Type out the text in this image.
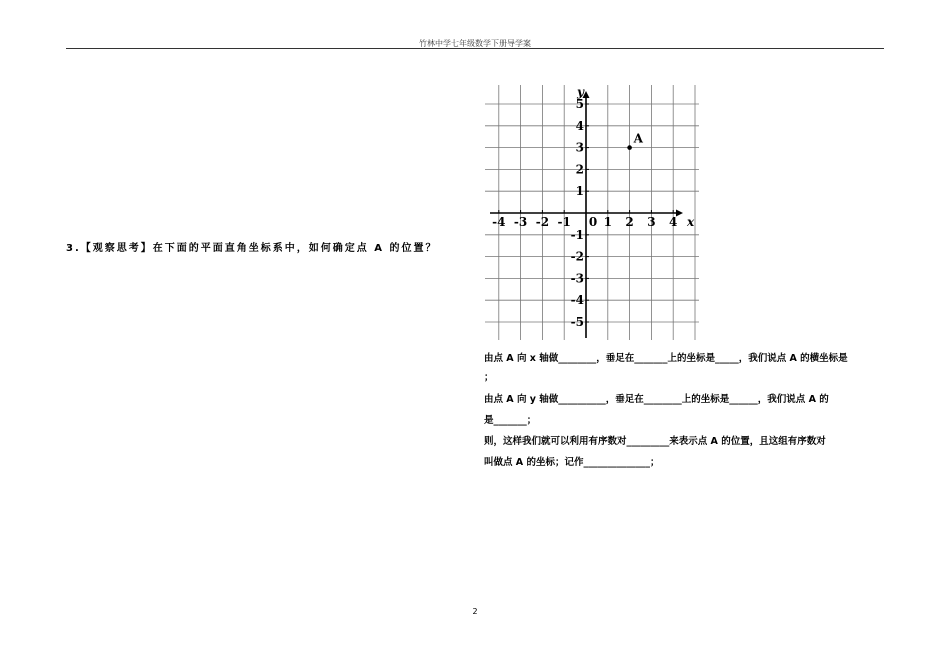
竹林中学七年级数学下册导学案
3.【观察思考】在下面的平面直角坐标系中，如何确定点 A 的位置？
-4 -3 -2 -1	1 2 3 4
-5
-4
-3
-2
-1
1
2
3
4
5
x
y
0
A
由点 A 向 x 轴做________，垂足在_______上的坐标是_____，我们说点 A 的横坐标是
；
由点 A 向 y 轴做__________，垂足在________上的坐标是______，我们说点 A 的
是_______；
则，这样我们就可以利用有序数对_________来表示点 A 的位置，且这组有序数对
叫做点 A 的坐标；记作______________；
2
